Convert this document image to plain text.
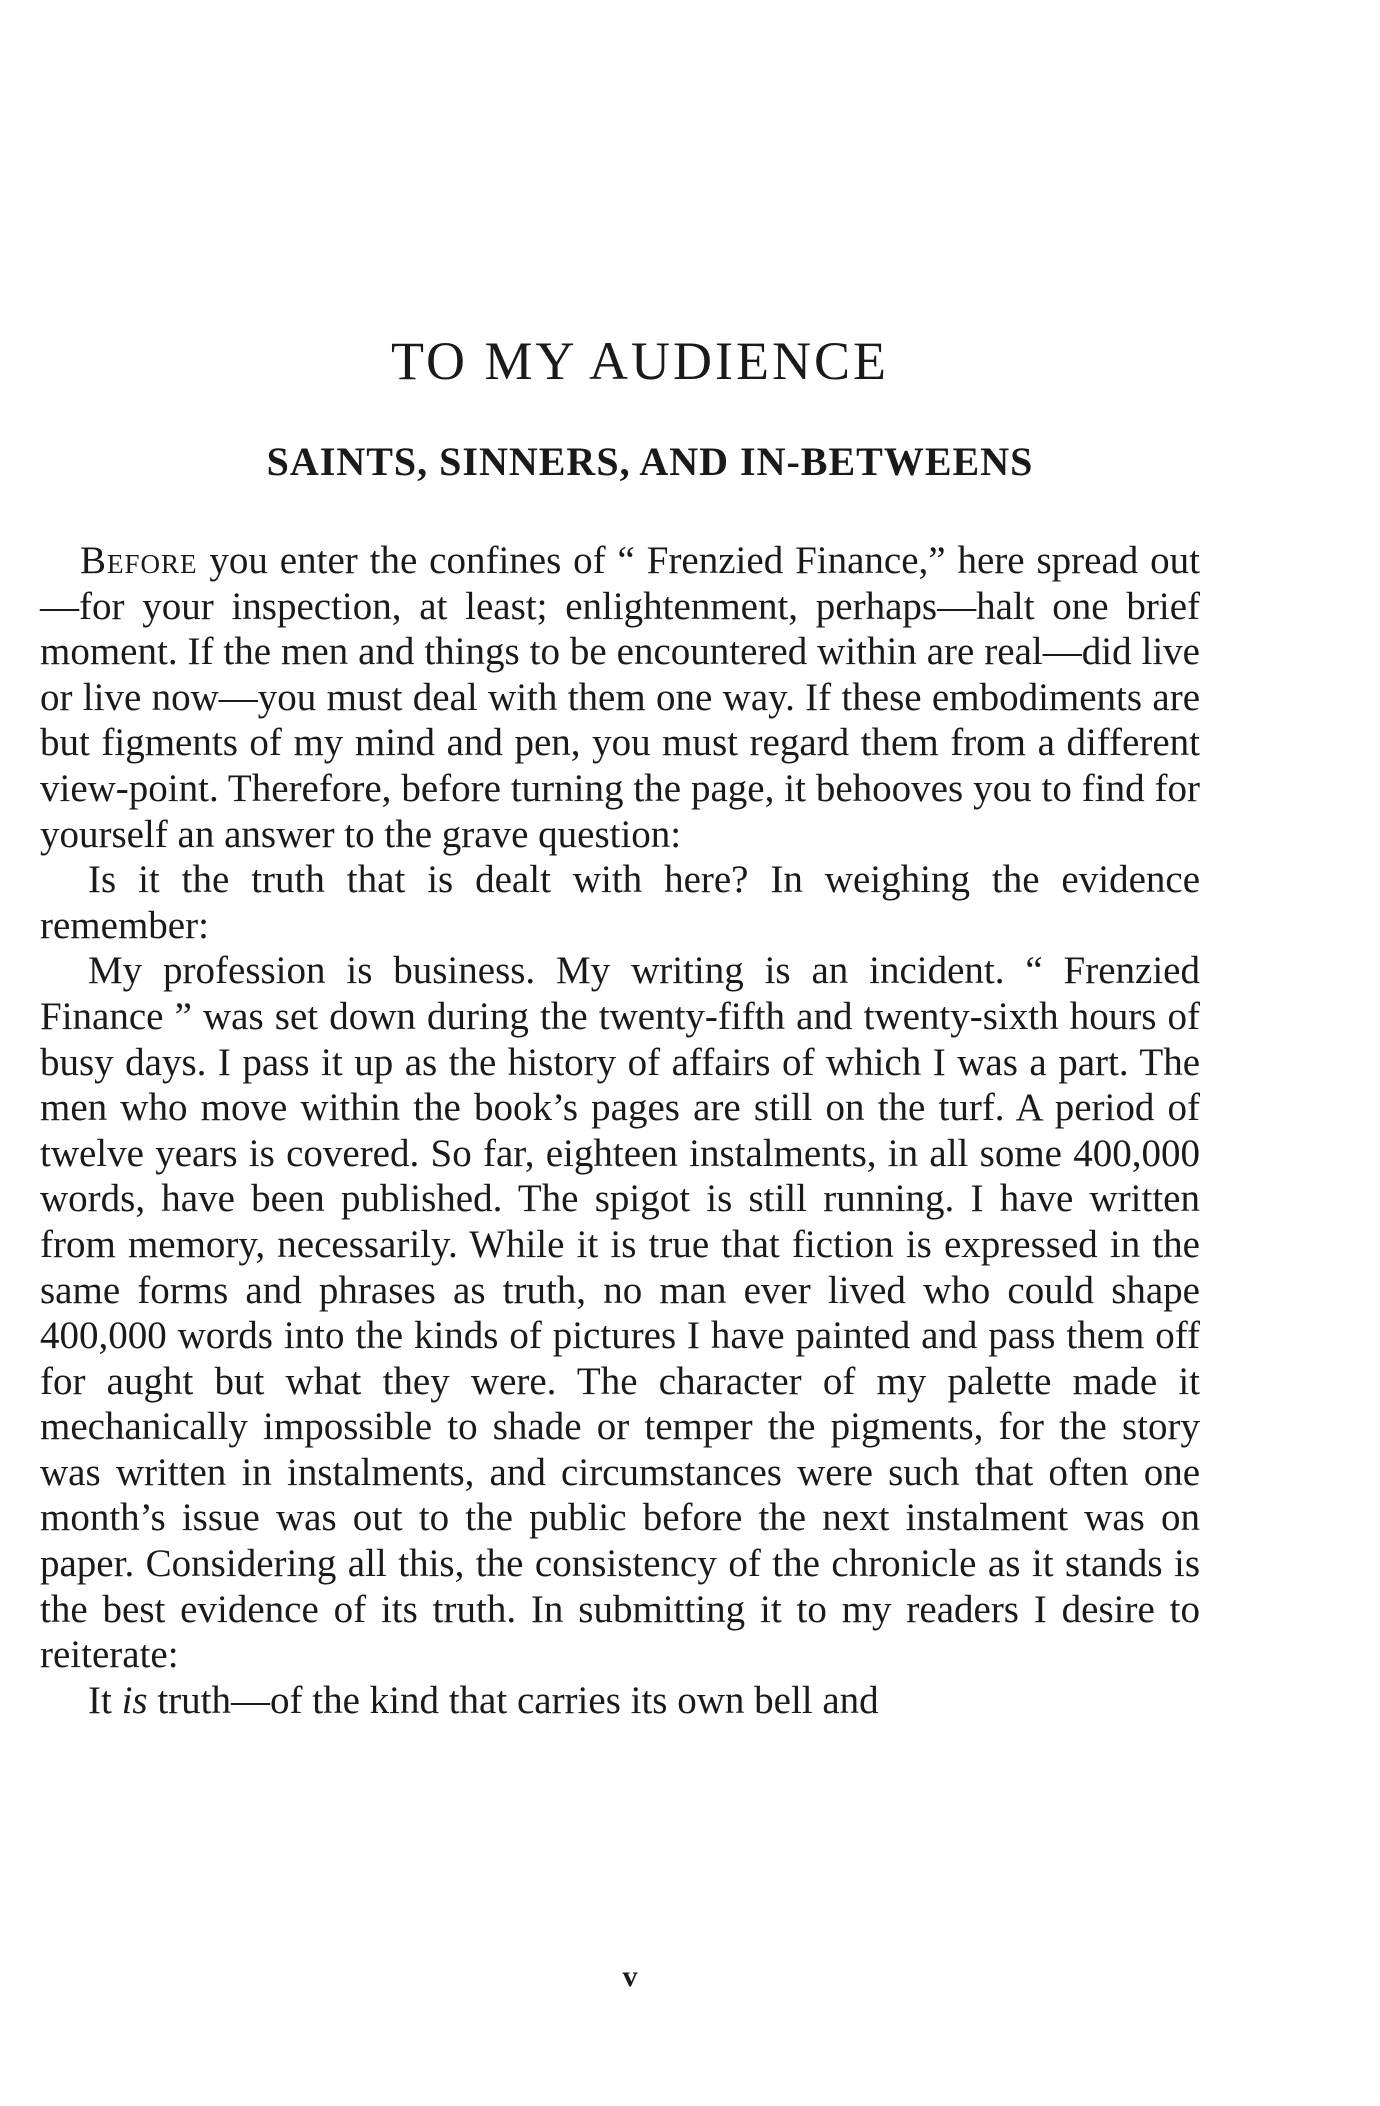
TO MY AUDIENCE
SAINTS, SINNERS, AND IN-BETWEENS

Before you enter the confines of “ Frenzied Finance,” here spread out—for your inspection, at least; enlightenment, perhaps—halt one brief moment. If the men and things to be encountered within are real—did live or live now—you must deal with them one way. If these embodiments are but figments of my mind and pen, you must regard them from a different view-point. Therefore, before turning the page, it behooves you to find for yourself an answer to the grave question:

Is it the truth that is dealt with here? In weighing the evidence remember:

My profession is business. My writing is an incident. “ Frenzied Finance ” was set down during the twenty-fifth and twenty-sixth hours of busy days. I pass it up as the history of affairs of which I was a part. The men who move within the book’s pages are still on the turf. A period of twelve years is covered. So far, eighteen instalments, in all some 400,000 words, have been published. The spigot is still running. I have written from memory, necessarily. While it is true that fiction is expressed in the same forms and phrases as truth, no man ever lived who could shape 400,000 words into the kinds of pictures I have painted and pass them off for aught but what they were. The character of my palette made it mechanically impossible to shade or temper the pigments, for the story was written in instalments, and circumstances were such that often one month’s issue was out to the public before the next instalment was on paper. Considering all this, the consistency of the chronicle as it stands is the best evidence of its truth. In submitting it to my readers I desire to reiterate:

It is truth—of the kind that carries its own bell and

v
